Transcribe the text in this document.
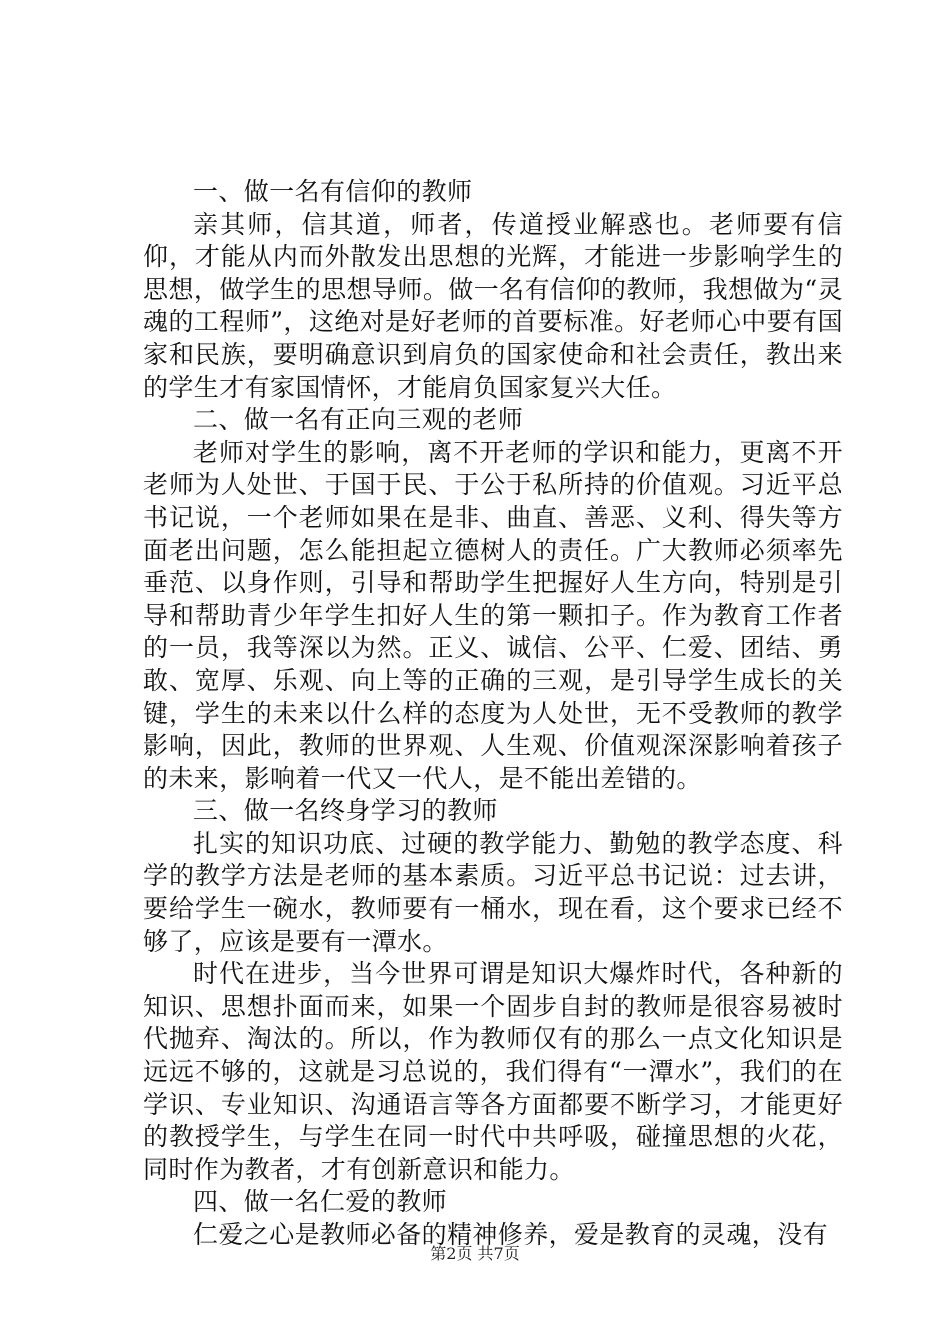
一、做一名有信仰的教师

亲其师，信其道，师者，传道授业解惑也。老师要有信仰，才能从内而外散发出思想的光辉，才能进一步影响学生的思想，做学生的思想导师。做一名有信仰的教师，我想做为“灵魂的工程师”，这绝对是好老师的首要标准。好老师心中要有国家和民族，要明确意识到肩负的国家使命和社会责任，教出来的学生才有家国情怀，才能肩负国家复兴大任。

二、做一名有正向三观的老师

老师对学生的影响，离不开老师的学识和能力，更离不开老师为人处世、于国于民、于公于私所持的价值观。习近平总书记说，一个老师如果在是非、曲直、善恶、义利、得失等方面老出问题，怎么能担起立德树人的责任。广大教师必须率先垂范、以身作则，引导和帮助学生把握好人生方向，特别是引导和帮助青少年学生扣好人生的第一颗扣子。作为教育工作者的一员，我等深以为然。正义、诚信、公平、仁爱、团结、勇敢、宽厚、乐观、向上等的正确的三观，是引导学生成长的关键，学生的未来以什么样的态度为人处世，无不受教师的教学影响，因此，教师的世界观、人生观、价值观深深影响着孩子的未来，影响着一代又一代人，是不能出差错的。

三、做一名终身学习的教师

扎实的知识功底、过硬的教学能力、勤勉的教学态度、科学的教学方法是老师的基本素质。习近平总书记说：过去讲，要给学生一碗水，教师要有一桶水，现在看，这个要求已经不够了，应该是要有一潭水。

时代在进步，当今世界可谓是知识大爆炸时代，各种新的知识、思想扑面而来，如果一个固步自封的教师是很容易被时代抛弃、淘汰的。所以，作为教师仅有的那么一点文化知识是远远不够的，这就是习总说的，我们得有“一潭水”，我们的在学识、专业知识、沟通语言等各方面都要不断学习，才能更好的教授学生，与学生在同一时代中共呼吸，碰撞思想的火花，同时作为教者，才有创新意识和能力。

四、做一名仁爱的教师

仁爱之心是教师必备的精神修养，爱是教育的灵魂，没有

第2页 共7页
